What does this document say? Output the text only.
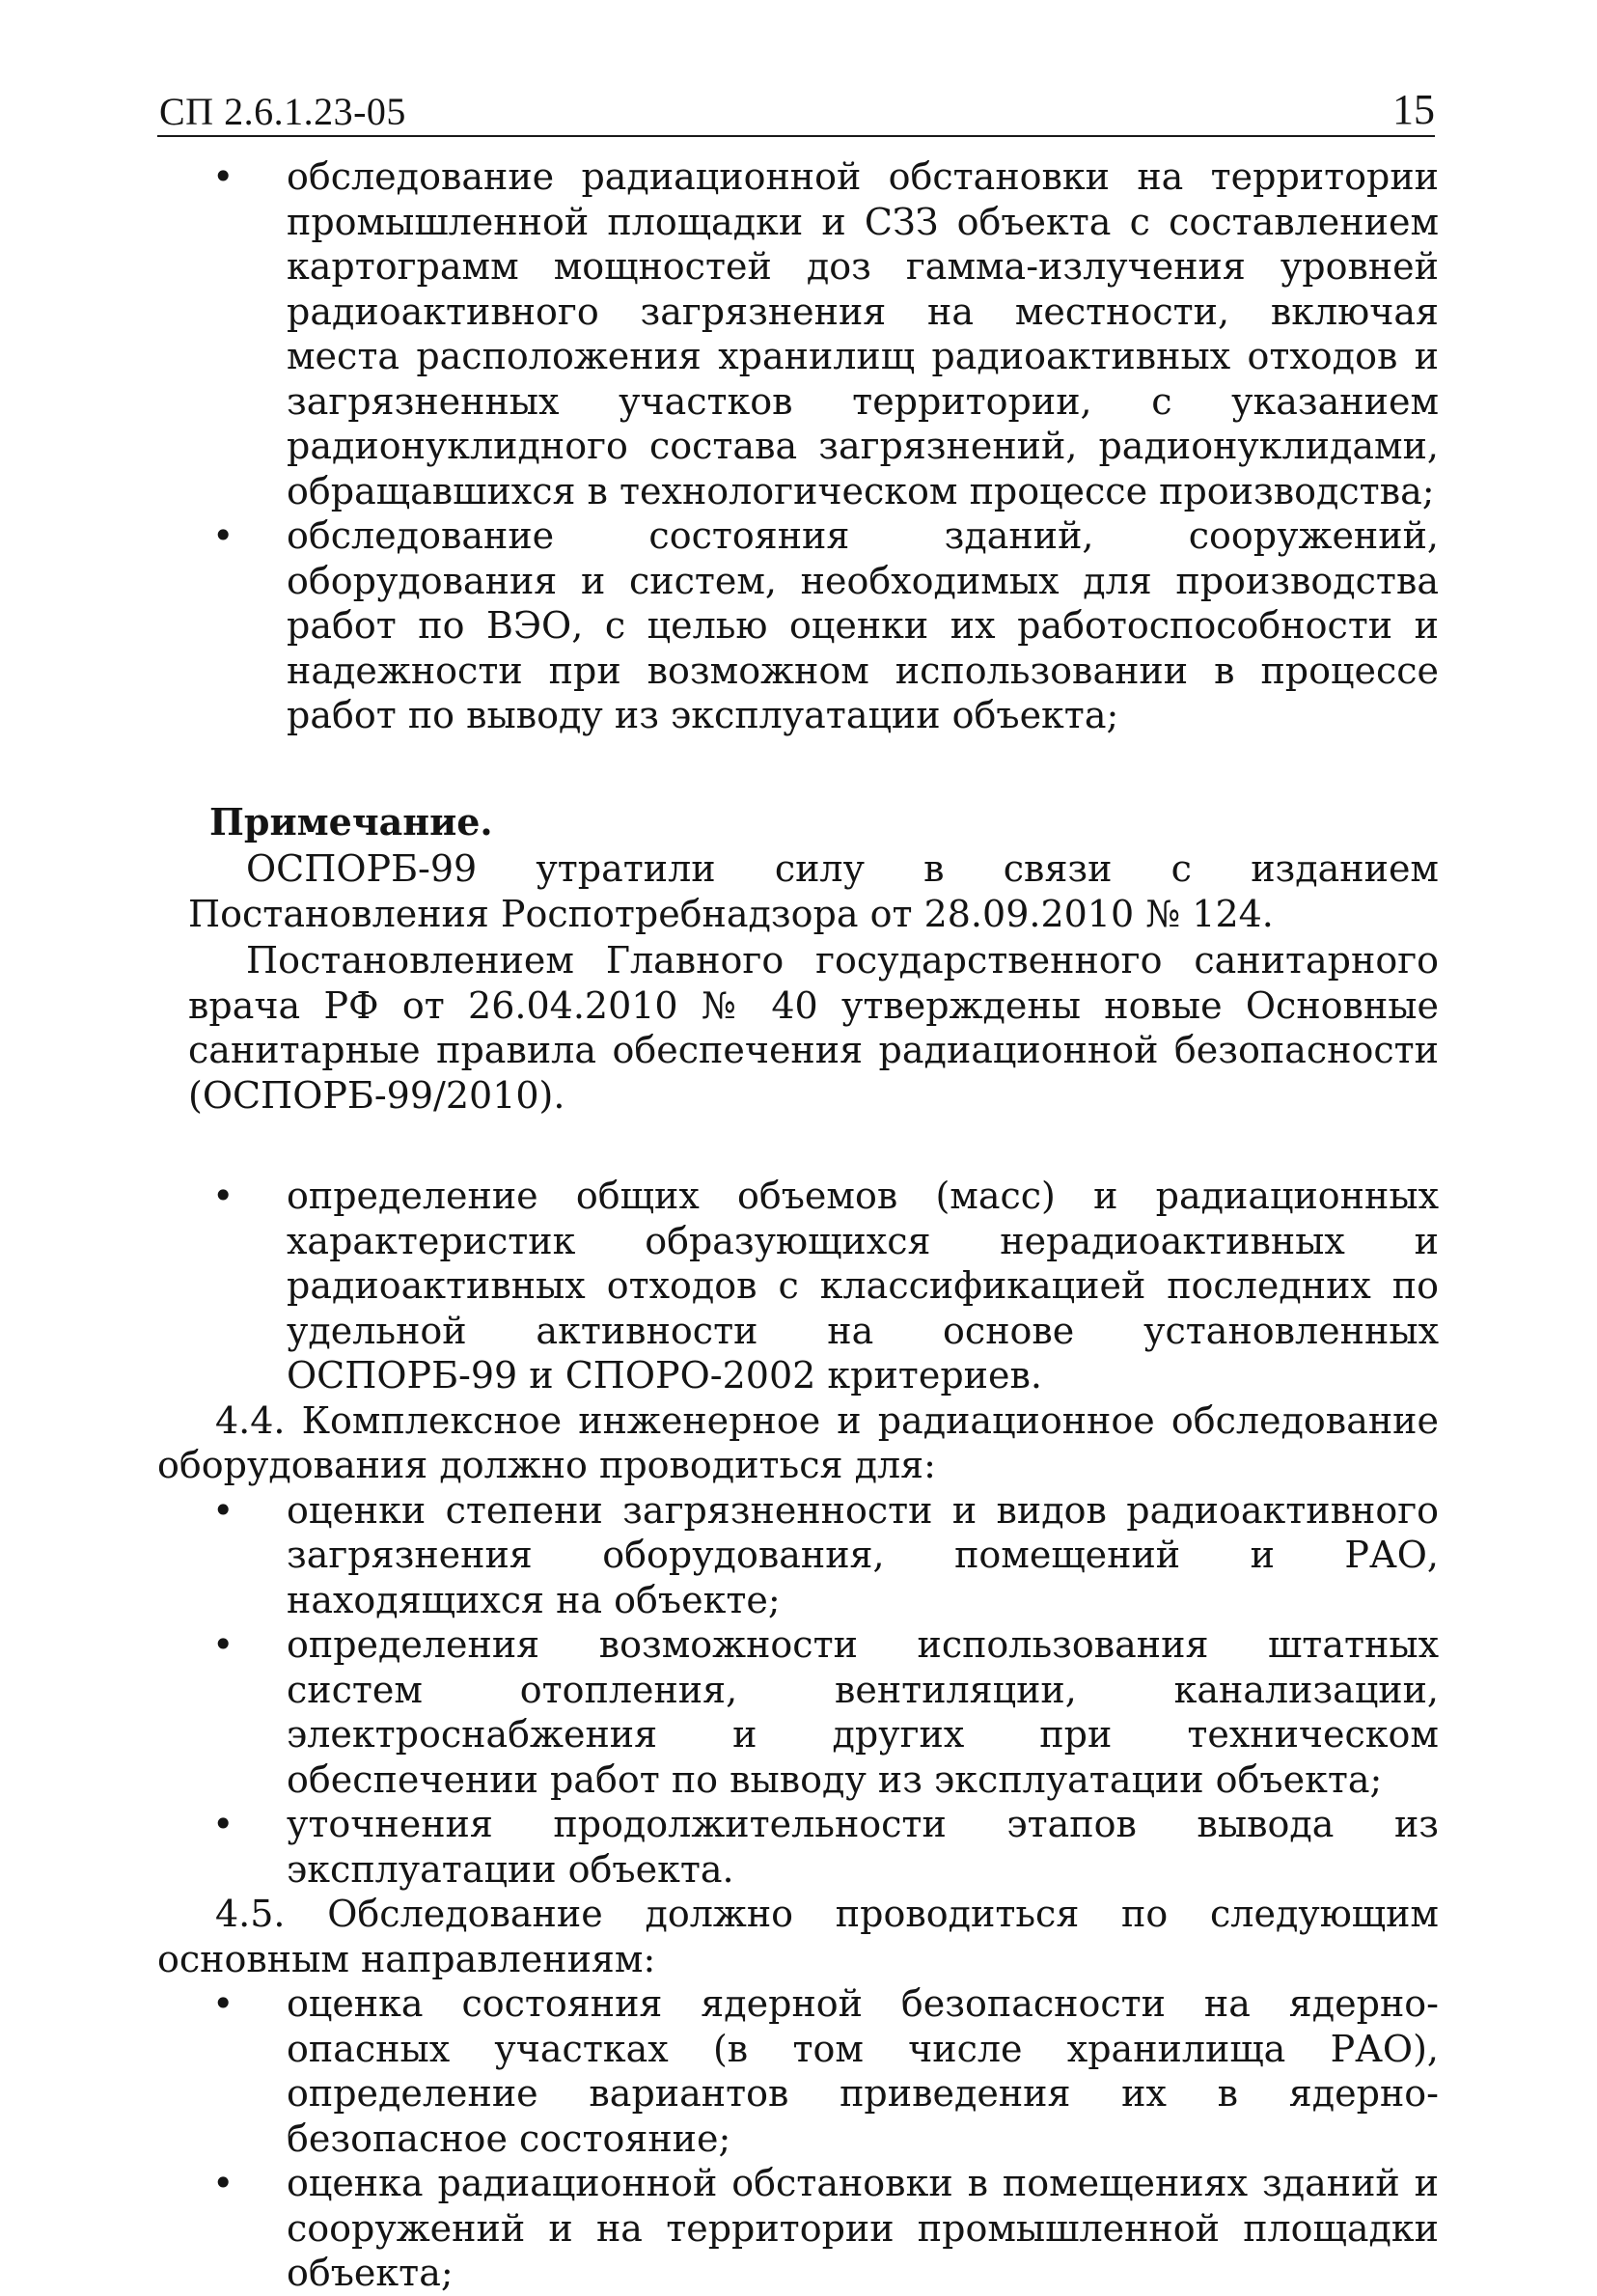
СП 2.6.1.23-05	15
• обследование радиационной обстановки на территории промышленной площадки и СЗЗ объекта с составлением картограмм мощностей доз гамма-излучения уровней радиоактивного загрязнения на местности, включая места расположения хранилищ радиоактивных отходов и загрязненных участков территории, с указанием радионуклидного состава загрязнений, радионуклидами, обращавшихся в технологическом процессе производства;
• обследование состояния зданий, сооружений, оборудования и систем, необходимых для производства работ по ВЭО, с целью оценки их работоспособности и надежности при возможном использовании в процессе работ по выводу из эксплуатации объекта;
Примечание.
ОСПОРБ-99 утратили силу в связи с изданием Постановления Роспотребнадзора от 28.09.2010 № 124.
Постановлением Главного государственного санитарного врача РФ от 26.04.2010 № 40 утверждены новые Основные санитарные правила обеспечения радиационной безопасности (ОСПОРБ-99/2010).
• определение общих объемов (масс) и радиационных характеристик образующихся нерадиоактивных и радиоактивных отходов с классификацией последних по удельной активности на основе установленных ОСПОРБ-99 и СПОРО-2002 критериев.
4.4. Комплексное инженерное и радиационное обследование оборудования должно проводиться для:
• оценки степени загрязненности и видов радиоактивного загрязнения оборудования, помещений и РАО, находящихся на объекте;
• определения возможности использования штатных систем отопления, вентиляции, канализации, электроснабжения и других при техническом обеспечении работ по выводу из эксплуатации объекта;
• уточнения продолжительности этапов вывода из эксплуатации объекта.
4.5. Обследование должно проводиться по следующим основным направлениям:
• оценка состояния ядерной безопасности на ядерно-опасных участках (в том числе хранилища РАО), определение вариантов приведения их в ядерно-безопасное состояние;
• оценка радиационной обстановки в помещениях зданий и сооружений и на территории промышленной площадки объекта;
